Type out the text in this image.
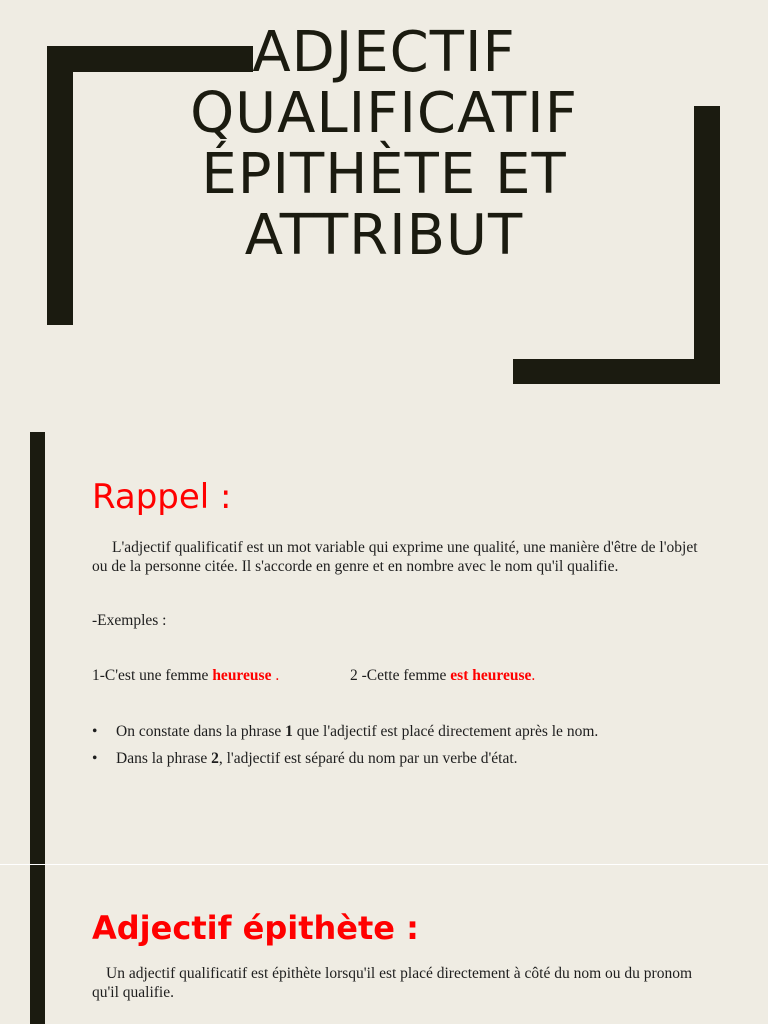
ADJECTIF
QUALIFICATIF
ÉPITHÈTE ET
ATTRIBUT
Rappel :

L'adjectif qualificatif est un mot variable qui exprime une qualité, une manière d'être de l'objet ou de la personne citée. Il s'accorde en genre et en nombre avec le nom qu'il qualifie.

-Exemples :

1-C'est une femme heureuse .	2 -Cette femme est heureuse.
• On constate dans la phrase 1 que l'adjectif est placé directement après le nom.
• Dans la phrase 2, l'adjectif est séparé du nom par un verbe d'état.
Adjectif épithète :

Un adjectif qualificatif est épithète lorsqu'il est placé directement à côté du nom ou du pronom qu'il qualifie.
